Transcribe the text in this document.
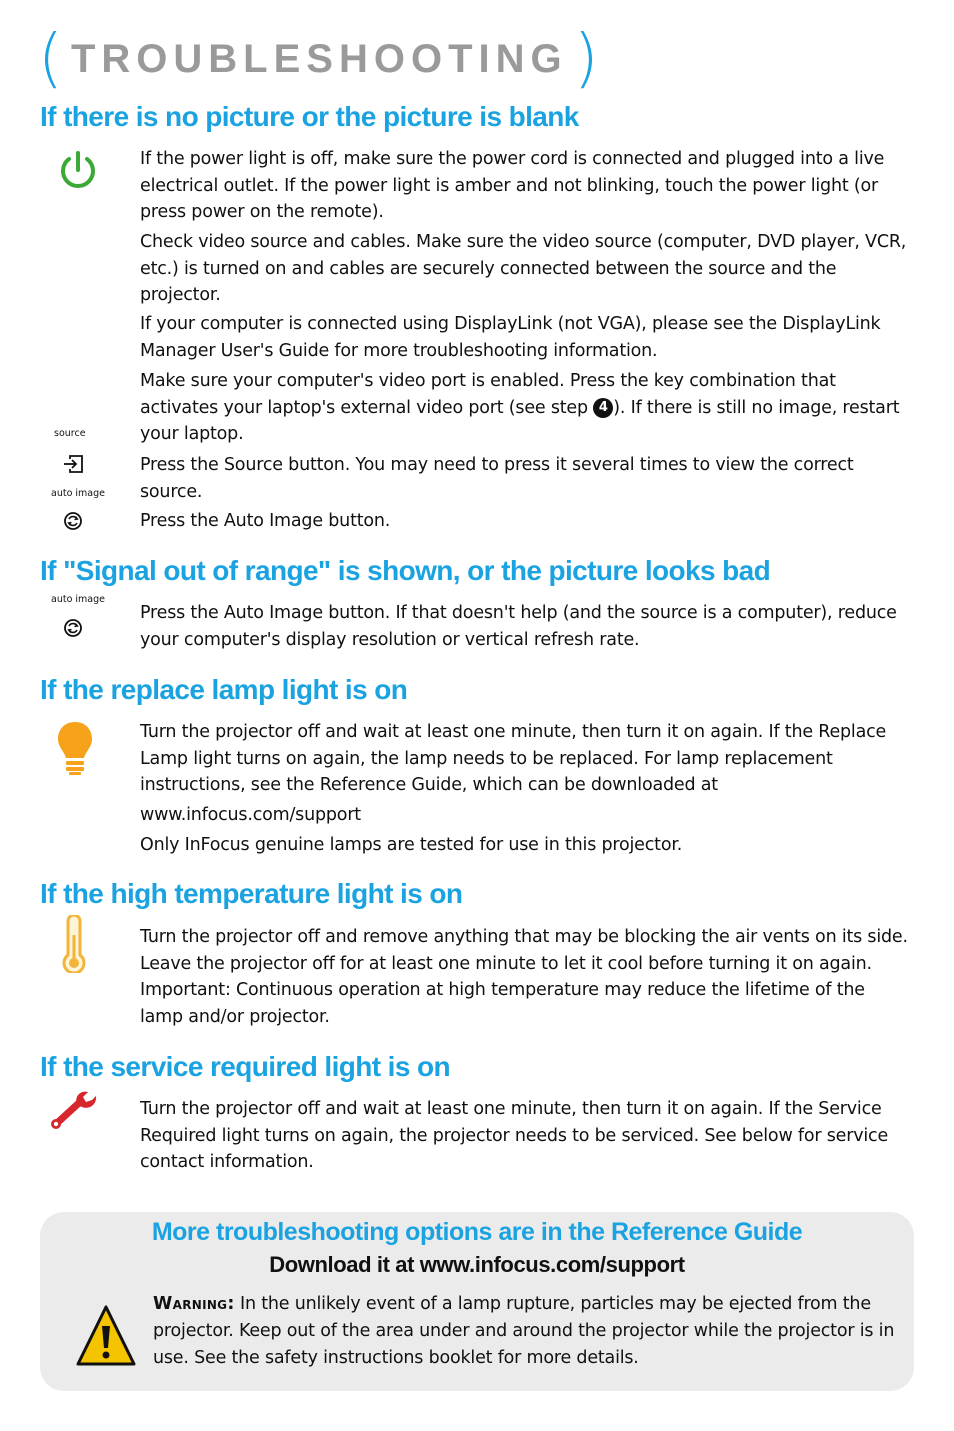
( TROUBLESHOOTING )
If there is no picture or the picture is blank

If the power light is off, make sure the power cord is connected and plugged into a live electrical outlet. If the power light is amber and not blinking, touch the power light (or press power on the remote).

Check video source and cables. Make sure the video source (computer, DVD player, VCR, etc.) is turned on and cables are securely connected between the source and the projector.

If your computer is connected using DisplayLink (not VGA), please see the DisplayLink Manager User's Guide for more troubleshooting information.

Make sure your computer's video port is enabled. Press the key combination that activates your laptop's external video port (see step 4 ). If there is still no image, restart your laptop.

source

Press the Source button. You may need to press it several times to view the correct source.

auto image

Press the Auto Image button.

If "Signal out of range" is shown, or the picture looks bad
auto image

Press the Auto Image button. If that doesn't help (and the source is a computer), reduce your computer's display resolution or vertical refresh rate.

If the replace lamp light is on

Turn the projector off and wait at least one minute, then turn it on again. If the Replace Lamp light turns on again, the lamp needs to be replaced. For lamp replacement instructions, see the Reference Guide, which can be downloaded at

www.infocus.com/support

Only InFocus genuine lamps are tested for use in this projector.

If the high temperature light is on

Turn the projector off and remove anything that may be blocking the air vents on its side. Leave the projector off for at least one minute to let it cool before turning it on again. Important: Continuous operation at high temperature may reduce the lifetime of the lamp and/or projector.

If the service required light is on

Turn the projector off and wait at least one minute, then turn it on again. If the Service Required light turns on again, the projector needs to be serviced. See below for service contact information.

More troubleshooting options are in the Reference Guide

Download it at www.infocus.com/support

Warning: In the unlikely event of a lamp rupture, particles may be ejected from the projector. Keep out of the area under and around the projector while the projector is in use. See the safety instructions booklet for more details.
